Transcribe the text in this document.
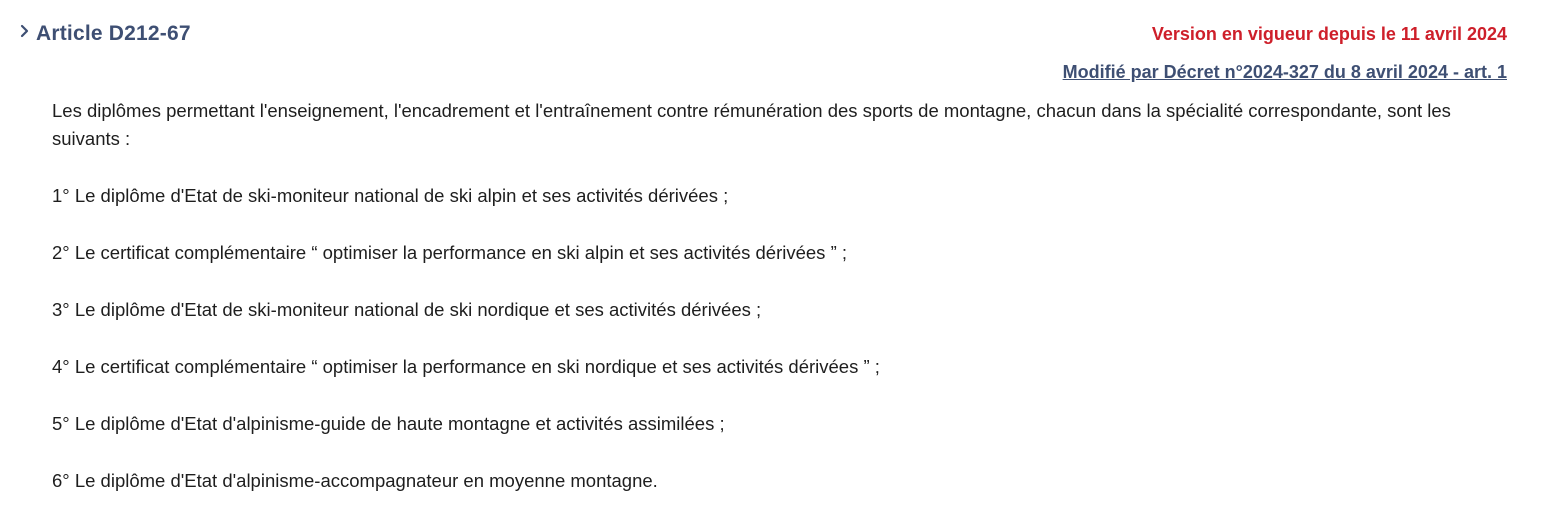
Article D212-67	Version en vigueur depuis le 11 avril 2024
Modifié par Décret n°2024-327 du 8 avril 2024 - art. 1

Les diplômes permettant l'enseignement, l'encadrement et l'entraînement contre rémunération des sports de montagne, chacun dans la spécialité correspondante, sont les suivants :

1° Le diplôme d'Etat de ski-moniteur national de ski alpin et ses activités dérivées ;

2° Le certificat complémentaire “ optimiser la performance en ski alpin et ses activités dérivées ” ;

3° Le diplôme d'Etat de ski-moniteur national de ski nordique et ses activités dérivées ;

4° Le certificat complémentaire “ optimiser la performance en ski nordique et ses activités dérivées ” ;

5° Le diplôme d'Etat d'alpinisme-guide de haute montagne et activités assimilées ;

6° Le diplôme d'Etat d'alpinisme-accompagnateur en moyenne montagne.
